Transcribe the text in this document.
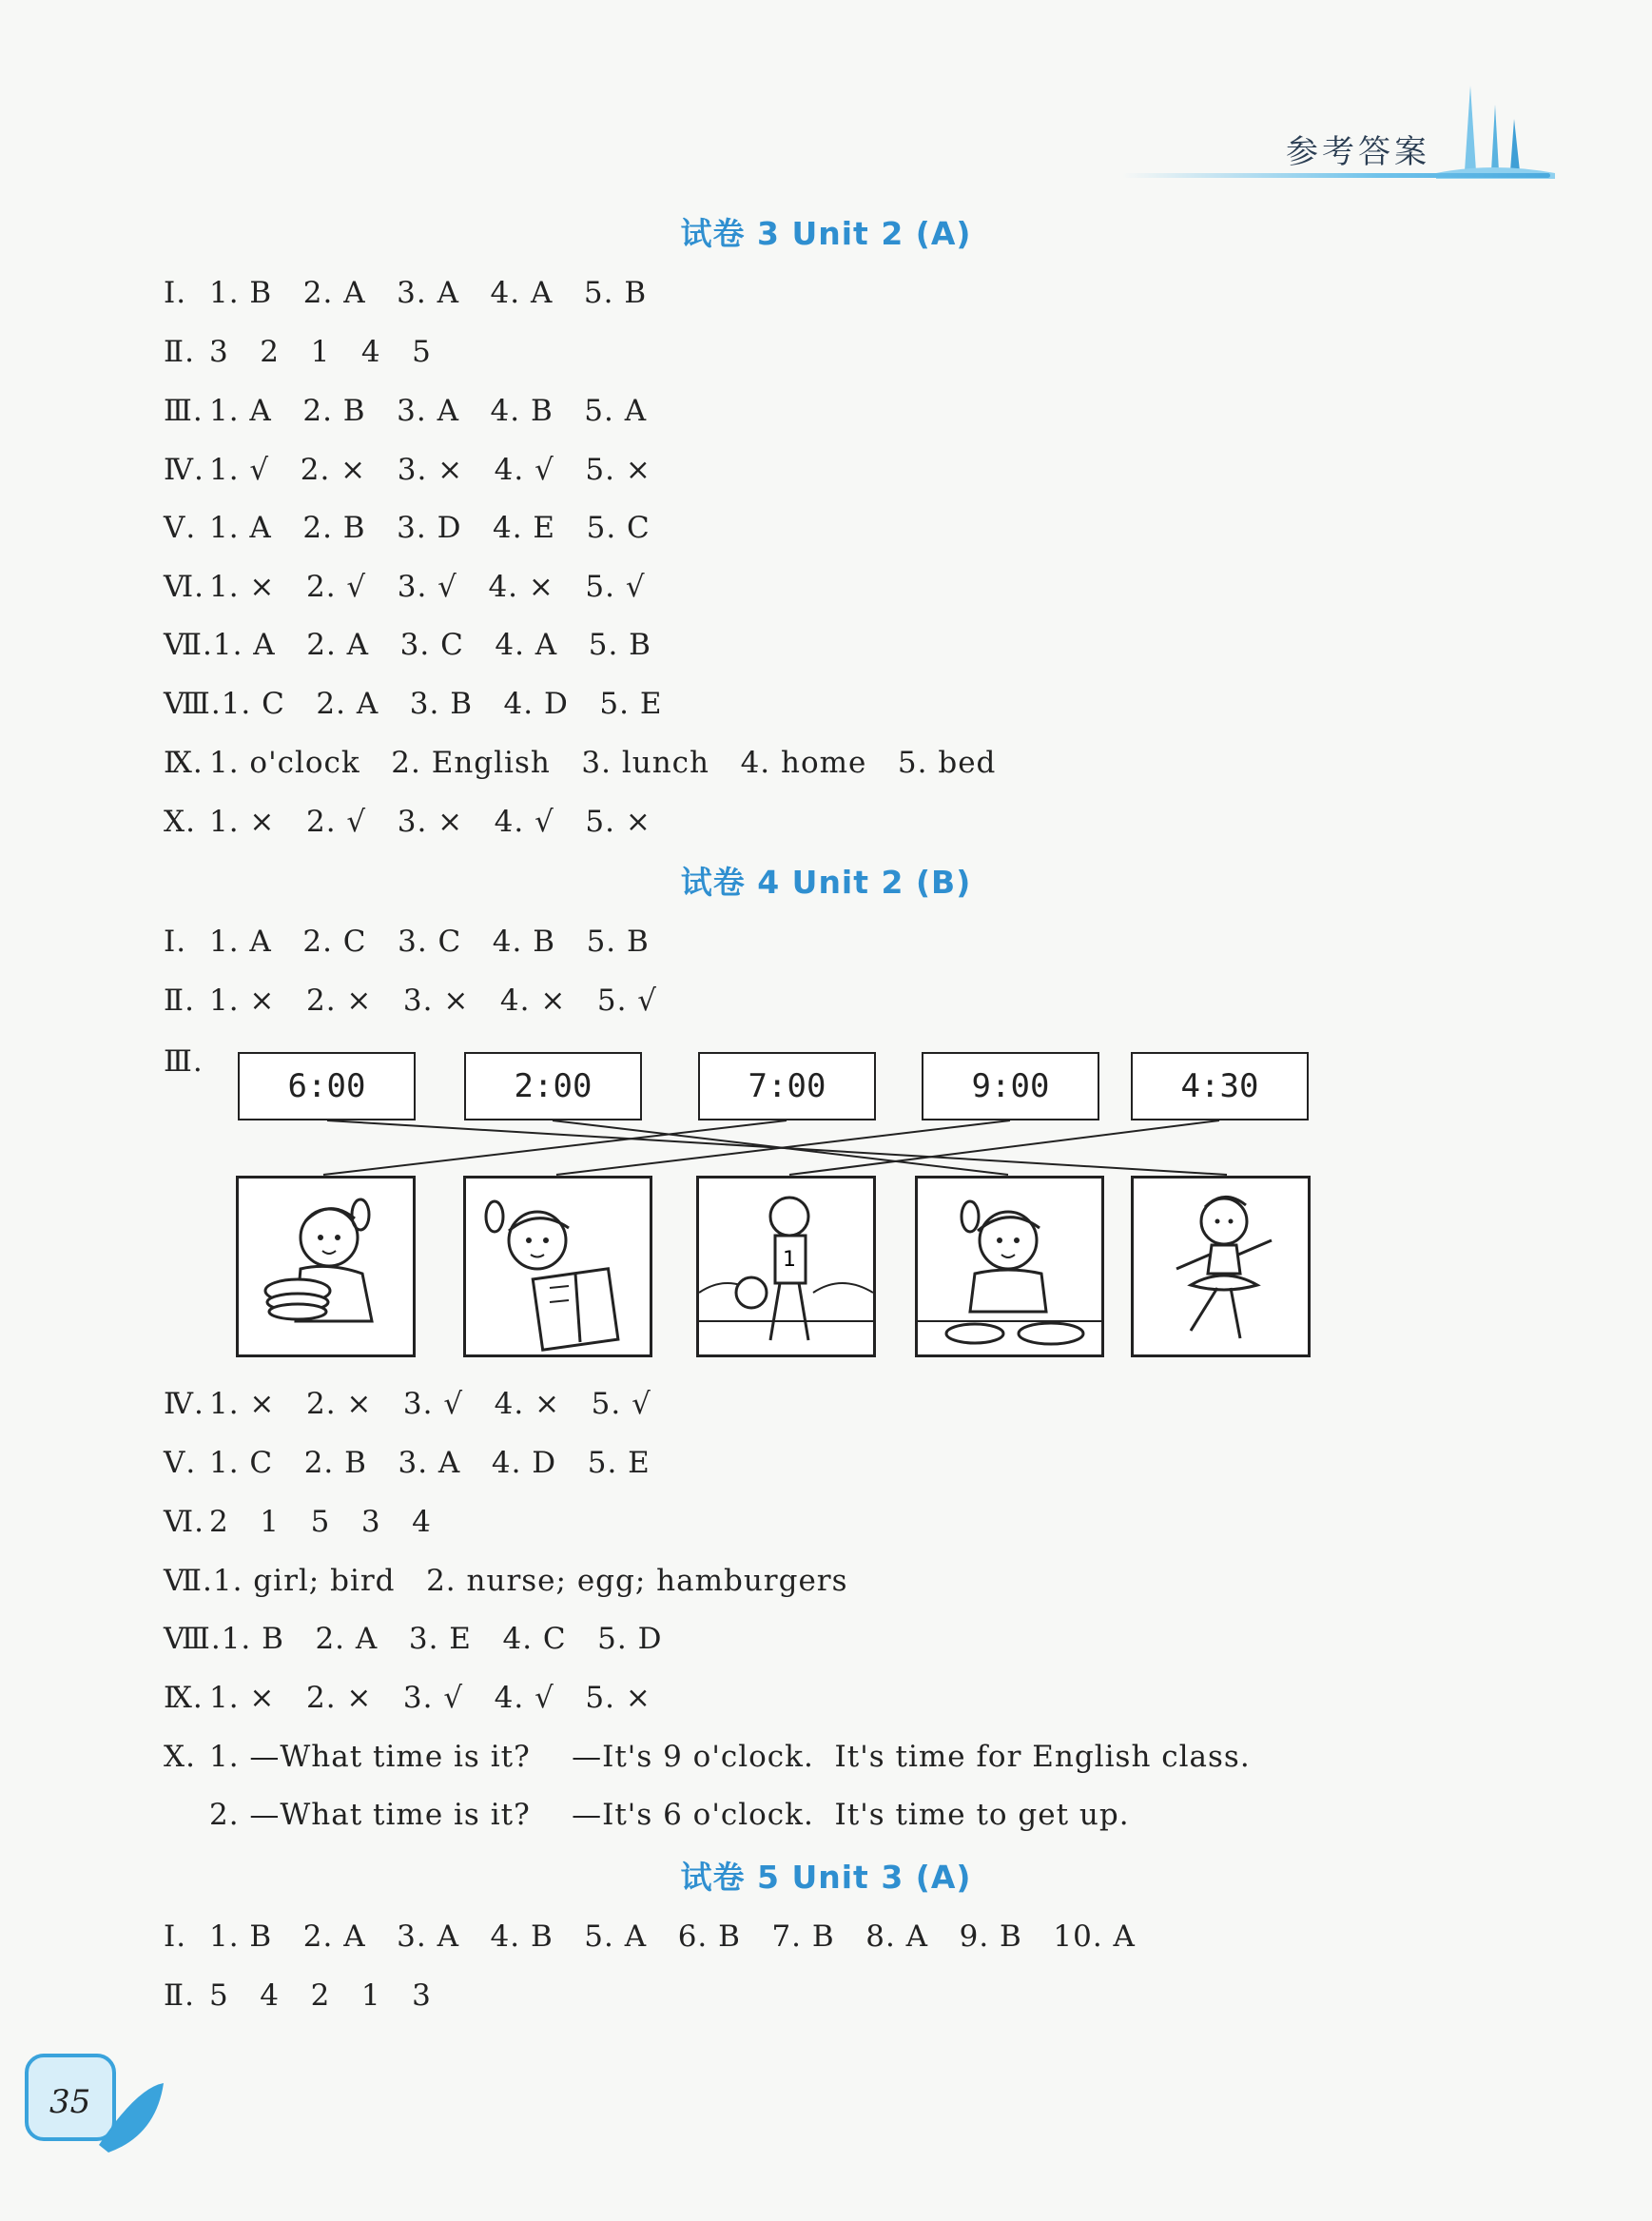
参考答案
试卷 3 Unit 2 (A)
Ⅰ. 1. B   2. A   3. A   4. A   5. B
Ⅱ. 3   2   1   4   5
Ⅲ. 1. A   2. B   3. A   4. B   5. A
Ⅳ. 1. √   2. ×   3. ×   4. √   5. ×
Ⅴ. 1. A   2. B   3. D   4. E   5. C
Ⅵ. 1. ×   2. √   3. √   4. ×   5. √
Ⅶ.1. A   2. A   3. C   4. A   5. B
Ⅷ.1. C   2. A   3. B   4. D   5. E
Ⅸ. 1. o'clock   2. English   3. lunch   4. home   5. bed
Ⅹ. 1. ×   2. √   3. ×   4. √   5. ×
试卷 4 Unit 2 (B)
Ⅰ. 1. A   2. C   3. C   4. B   5. B
Ⅱ. 1. ×   2. ×   3. ×   4. ×   5. √
Ⅲ.
6:00	2:00	7:00	9:00	4:30
1
Ⅳ. 1. ×   2. ×   3. √   4. ×   5. √
Ⅴ. 1. C   2. B   3. A   4. D   5. E
Ⅵ. 2   1   5   3   4
Ⅶ.1. girl; bird   2. nurse; egg; hamburgers
Ⅷ.1. B   2. A   3. E   4. C   5. D
Ⅸ. 1. ×   2. ×   3. √   4. √   5. ×
Ⅹ. 1. —What time is it?    —It's 9 o'clock.  It's time for English class.
2. —What time is it?    —It's 6 o'clock.  It's time to get up.
试卷 5 Unit 3 (A)
Ⅰ. 1. B   2. A   3. A   4. B   5. A   6. B   7. B   8. A   9. B   10. A
Ⅱ. 5   4   2   1   3
35
